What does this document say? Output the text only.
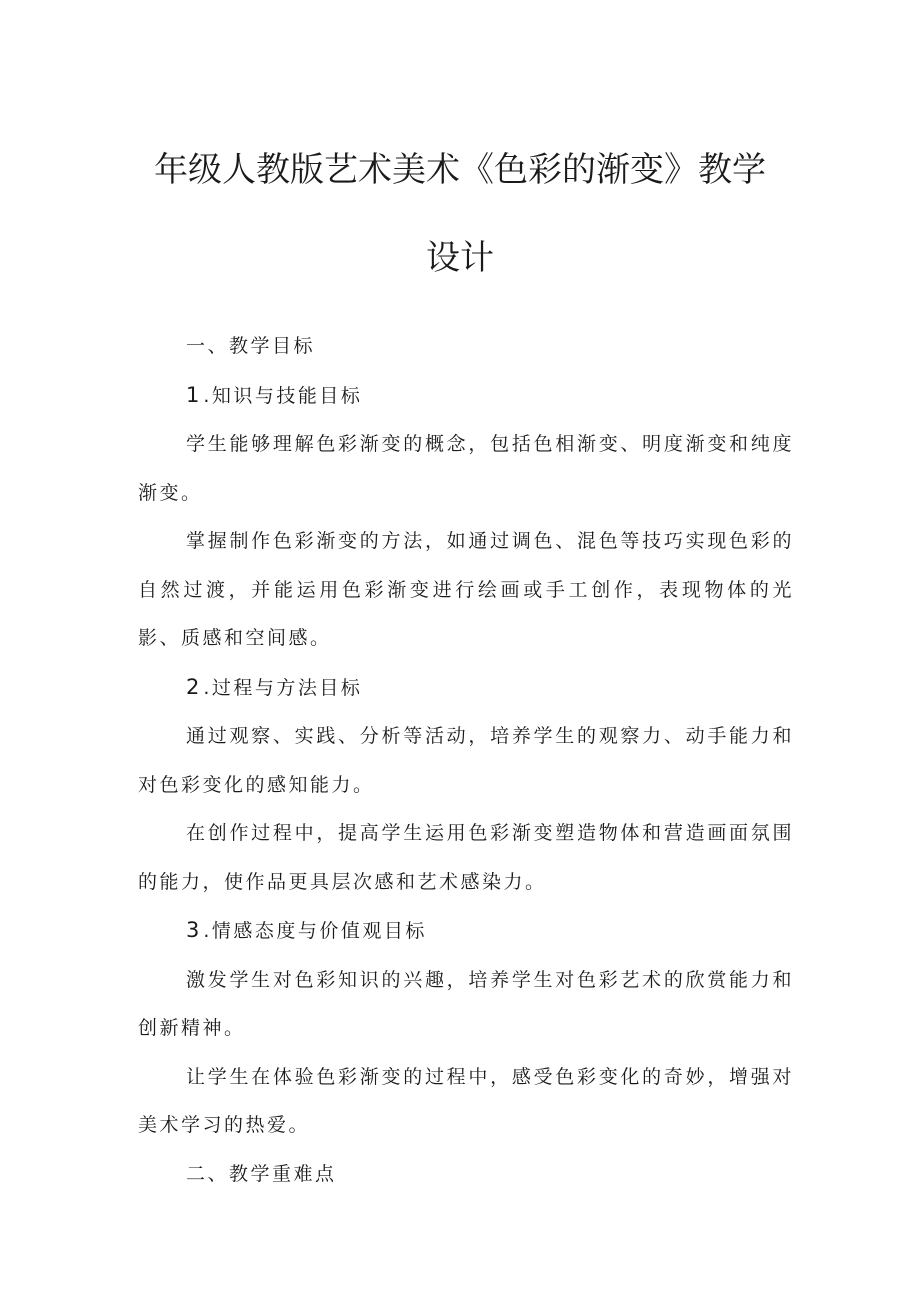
年级人教版艺术美术《色彩的渐变》教学
设计

一、教学目标

1 .知识与技能目标

学生能够理解色彩渐变的概念，包括色相渐变、明度渐变和纯度渐变。

掌握制作色彩渐变的方法，如通过调色、混色等技巧实现色彩的自然过渡，并能运用色彩渐变进行绘画或手工创作，表现物体的光影、质感和空间感。

2 .过程与方法目标

通过观察、实践、分析等活动，培养学生的观察力、动手能力和对色彩变化的感知能力。

在创作过程中，提高学生运用色彩渐变塑造物体和营造画面氛围的能力，使作品更具层次感和艺术感染力。

3 .情感态度与价值观目标

激发学生对色彩知识的兴趣，培养学生对色彩艺术的欣赏能力和创新精神。

让学生在体验色彩渐变的过程中，感受色彩变化的奇妙，增强对美术学习的热爱。

二、教学重难点
